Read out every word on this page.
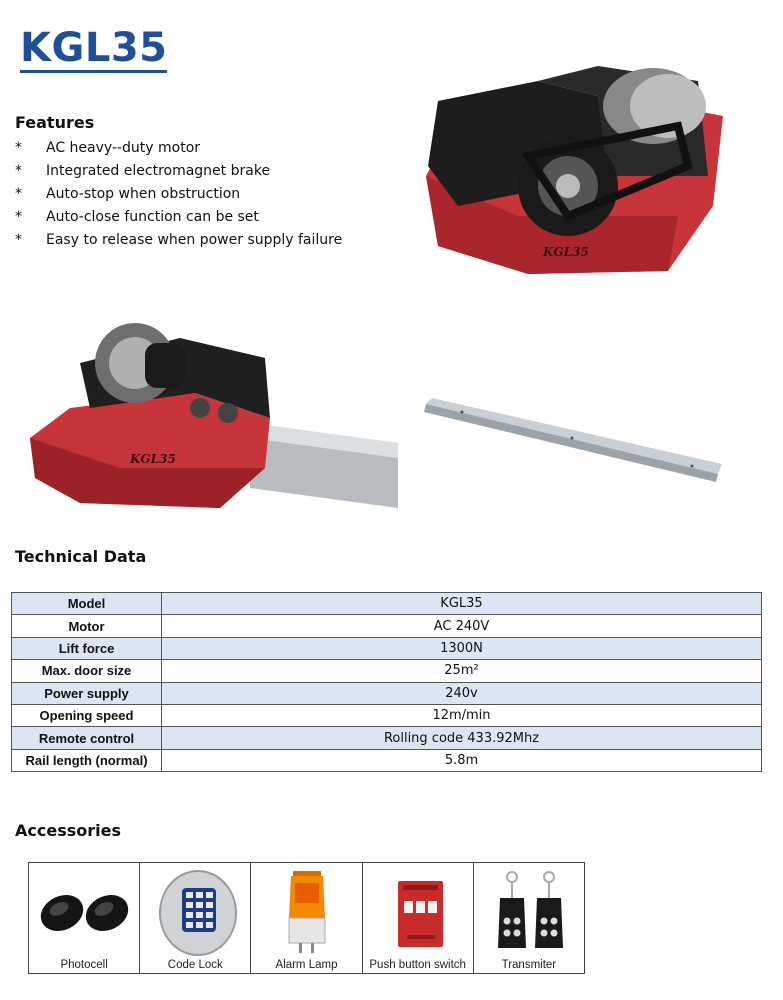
KGL35
Features
*	AC heavy--duty motor
*	Integrated electromagnet brake
*	Auto-stop when obstruction
*	Auto-close function can be set
*	Easy to release when power supply failure
KGL35
KGL35
Technical Data
Model	KGL35
Motor	AC 240V
Lift force	1300N
Max. door size	25m²
Power supply	240v
Opening speed	12m/min
Remote control	Rolling code 433.92Mhz
Rail length (normal)	5.8m
Accessories
Photocell	Code Lock	Alarm Lamp	Push button switch	Transmiter
